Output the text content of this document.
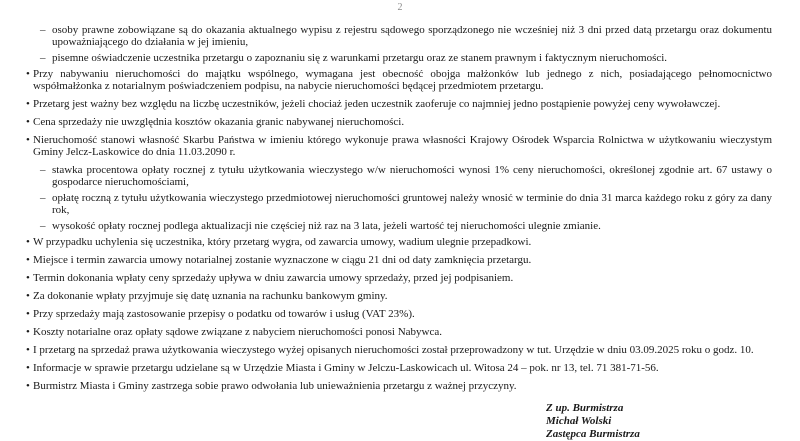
2
– osoby prawne zobowiązane są do okazania aktualnego wypisu z rejestru sądowego sporządzonego nie wcześniej niż 3 dni przed datą przetargu oraz dokumentu upoważniającego do działania w jej imieniu,
– pisemne oświadczenie uczestnika przetargu o zapoznaniu się z warunkami przetargu oraz ze stanem prawnym i faktycznym nieruchomości.
• Przy nabywaniu nieruchomości do majątku wspólnego, wymagana jest obecność obojga małżonków lub jednego z nich, posiadającego pełnomocnictwo współmałżonka z notarialnym poświadczeniem podpisu, na nabycie nieruchomości będącej przedmiotem przetargu.
• Przetarg jest ważny bez względu na liczbę uczestników, jeżeli chociaż jeden uczestnik zaoferuje co najmniej jedno postąpienie powyżej ceny wywoławczej.
• Cena sprzedaży nie uwzględnia kosztów okazania granic nabywanej nieruchomości.
• Nieruchomość stanowi własność Skarbu Państwa w imieniu którego wykonuje prawa własności Krajowy Ośrodek Wsparcia Rolnictwa w użytkowaniu wieczystym Gminy Jelcz-Laskowice do dnia 11.03.2090 r.
– stawka procentowa opłaty rocznej z tytułu użytkowania wieczystego w/w nieruchomości wynosi 1% ceny nieruchomości, określonej zgodnie art. 67 ustawy o gospodarce nieruchomościami,
– opłatę roczną z tytułu użytkowania wieczystego przedmiotowej nieruchomości gruntowej należy wnosić w terminie do dnia 31 marca każdego roku z góry za dany rok,
– wysokość opłaty rocznej podlega aktualizacji nie częściej niż raz na 3 lata, jeżeli wartość tej nieruchomości ulegnie zmianie.
• W przypadku uchylenia się uczestnika, który przetarg wygra, od zawarcia umowy, wadium ulegnie przepadkowi.
• Miejsce i termin zawarcia umowy notarialnej zostanie wyznaczone w ciągu 21 dni od daty zamknięcia przetargu.
• Termin dokonania wpłaty ceny sprzedaży upływa w dniu zawarcia umowy sprzedaży, przed jej podpisaniem.
• Za dokonanie wpłaty przyjmuje się datę uznania na rachunku bankowym gminy.
• Przy sprzedaży mają zastosowanie przepisy o podatku od towarów i usług (VAT 23%).
• Koszty notarialne oraz opłaty sądowe związane z nabyciem nieruchomości ponosi Nabywca.
• I przetarg na sprzedaż prawa użytkowania wieczystego wyżej opisanych nieruchomości został przeprowadzony w tut. Urzędzie w dniu 03.09.2025 roku o godz. 10.
• Informacje w sprawie przetargu udzielane są w Urzędzie Miasta i Gminy w Jelczu-Laskowicach ul. Witosa 24 – pok. nr 13, tel. 71 381-71-56.
• Burmistrz Miasta i Gminy zastrzega sobie prawo odwołania lub unieważnienia przetargu z ważnej przyczyny.
Z up. Burmistrza
Michał Wolski
Zastępca Burmistrza
